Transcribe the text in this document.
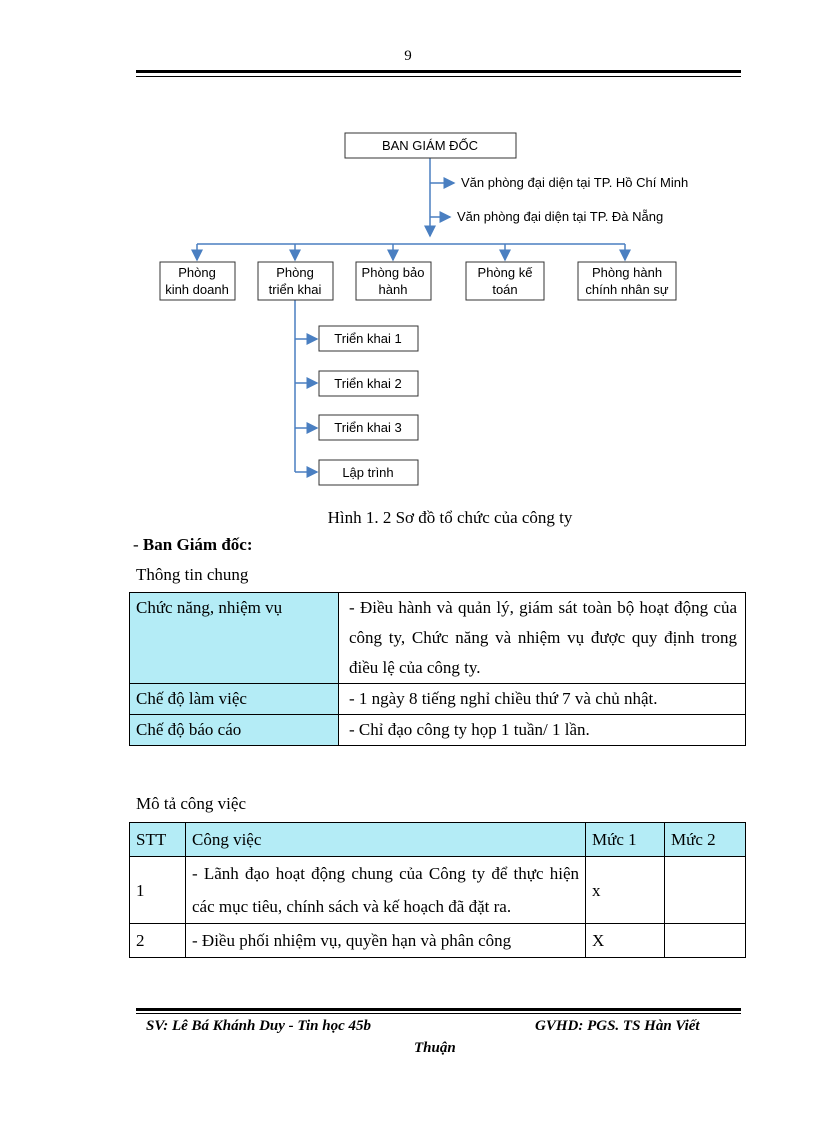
9
BAN GIÁM ĐỐC
Phòng
kinh doanh
Phòng
triển khai
Phòng bảo
hành
Phòng kế
toán
Phòng hành
chính nhân sự
Triển khai 1
Triển khai 2
Triển khai 3
Lập trình
Văn phòng đại diện tại TP. Hồ Chí Minh
Văn phòng đại diện tại TP. Đà Nẵng
Hình 1. 2 Sơ đồ tổ chức của công ty
- Ban Giám đốc:
Thông tin chung
Chức năng, nhiệm vụ	- Điều hành và quản lý, giám sát toàn bộ hoạt động của công ty, Chức năng và nhiệm vụ được quy định trong điều lệ của công ty.
Chế độ làm việc	- 1 ngày 8 tiếng nghỉ chiều thứ 7 và chủ nhật.
Chế độ báo cáo	- Chỉ đạo công ty họp 1 tuần/ 1 lần.
Mô tả công việc
STT	Công việc	Mức 1	Mức 2
1	- Lãnh đạo hoạt động chung của Công ty để thực hiện các mục tiêu, chính sách và kế hoạch đã đặt ra.	x	
2	- Điều phối nhiệm vụ, quyền hạn và phân công	X	
SV: Lê Bá Khánh Duy - Tin học 45b	GVHD: PGS. TS Hàn Viết
Thuận
